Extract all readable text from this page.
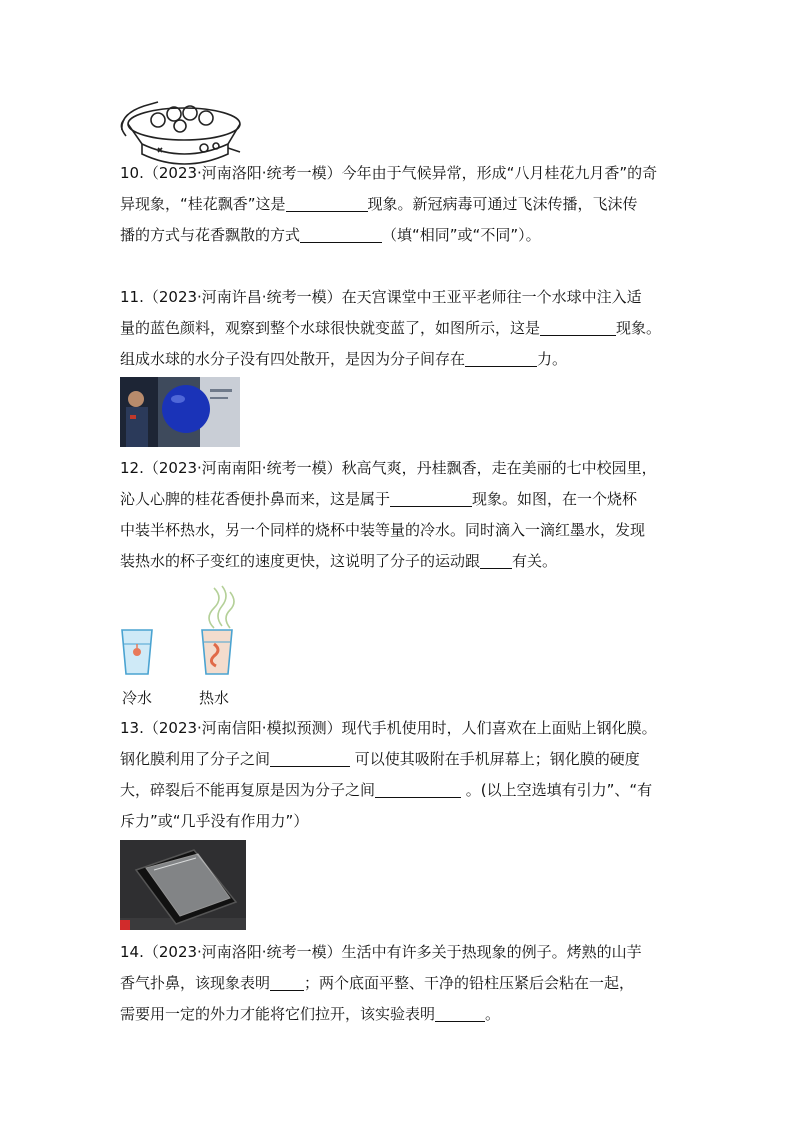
10.（2023·河南洛阳·统考一模）今年由于气候异常，形成“八月桂花九月香”的奇

异现象，“桂花飘香”这是	现象。新冠病毒可通过飞沫传播，飞沫传

播的方式与花香飘散的方式	（填“相同”或“不同”）。

11.（2023·河南许昌·统考一模）在天宫课堂中王亚平老师往一个水球中注入适

量的蓝色颜料，观察到整个水球很快就变蓝了，如图所示，这是	现象。

组成水球的水分子没有四处散开，是因为分子间存在	力。

12.（2023·河南南阳·统考一模）秋高气爽，丹桂飘香，走在美丽的七中校园里，

沁人心脾的桂花香便扑鼻而来，这是属于	现象。如图，在一个烧杯

中装半杯热水，另一个同样的烧杯中装等量的冷水。同时滴入一滴红墨水，发现

装热水的杯子变红的速度更快，这说明了分子的运动跟 有关。

冷水	热水

13.（2023·河南信阳·模拟预测）现代手机使用时，人们喜欢在上面贴上钢化膜。

钢化膜利用了分子之间	可以使其吸附在手机屏幕上；钢化膜的硬度

大，碎裂后不能再复原是因为分子之间	。(以上空选填有引力”、“有

斥力”或“几乎没有作用力”）

14.（2023·河南洛阳·统考一模）生活中有许多关于热现象的例子。烤熟的山芋

香气扑鼻，该现象表明 ；两个底面平整、干净的铅柱压紧后会粘在一起，

需要用一定的外力才能将它们拉开，该实验表明	。
